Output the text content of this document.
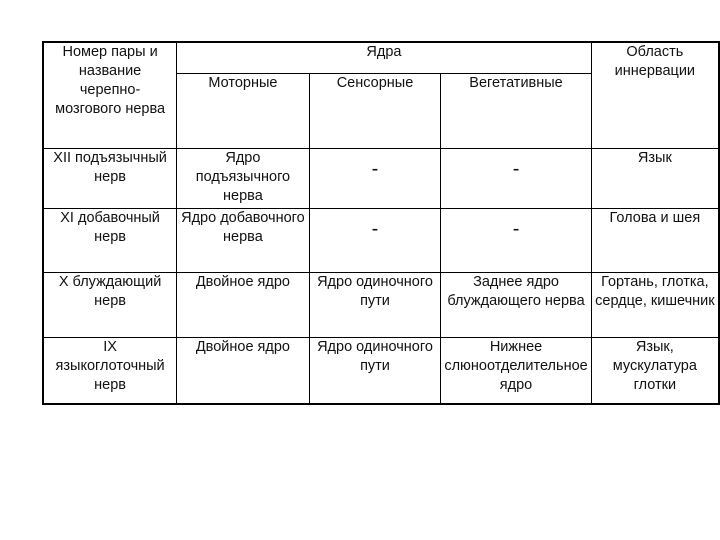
Номер пары и название черепно-мозгового нерва	Ядра			Область иннервации

	Моторные	Сенсорные	Вегетативные	

XII подъязычный нерв	Ядро подъязычного нерва	-	-	Язык

XI добавочный нерв	Ядро добавочного нерва	-	-	Голова и шея

X блуждающий нерв	Двойное ядро	Ядро одиночного пути	Заднее ядро блуждающего нерва	Гортань, глотка, сердце, кишечник

IX языкоглоточный нерв	Двойное ядро	Ядро одиночного пути	Нижнее слюноотделительное ядро	Язык, мускулатура глотки
